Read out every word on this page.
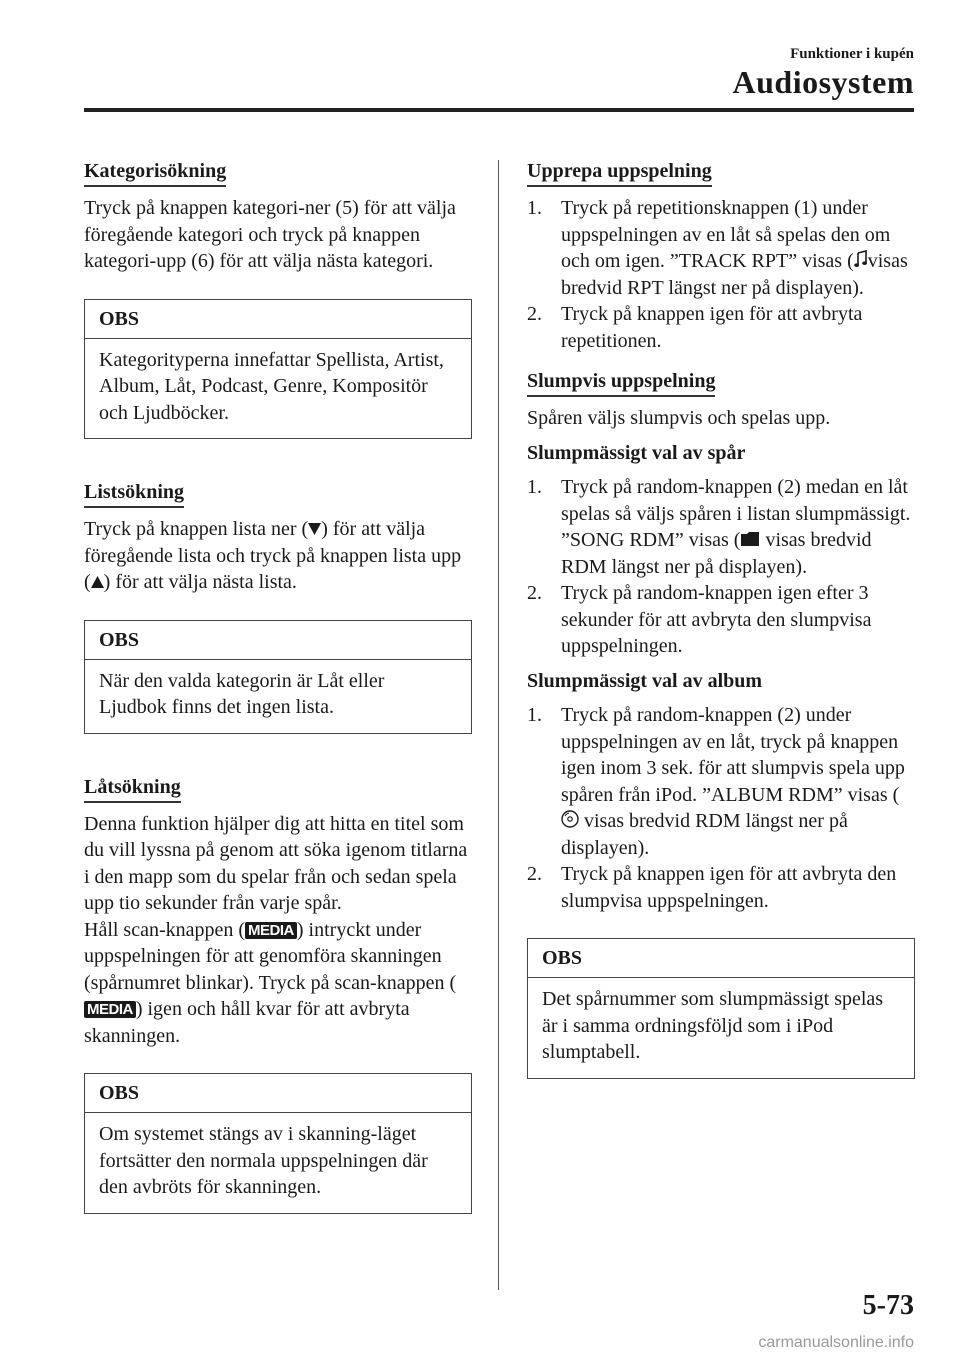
Funktioner i kupén
Audiosystem
Kategorisökning

Tryck på knappen kategori-ner (5) för att välja föregående kategori och tryck på knappen kategori-upp (6) för att välja nästa kategori.

OBS
Kategorityperna innefattar Spellista, Artist, Album, Låt, Podcast, Genre, Kompositör och Ljudböcker.
Listsökning

Tryck på knappen lista ner ( ) för att välja föregående lista och tryck på knappen lista upp ( ) för att välja nästa lista.

OBS
När den valda kategorin är Låt eller Ljudbok finns det ingen lista.
Låtsökning

Denna funktion hjälper dig att hitta en titel som du vill lyssna på genom att söka igenom titlarna i den mapp som du spelar från och sedan spela upp tio sekunder från varje spår.

Håll scan-knappen ( MEDIA ) intryckt under uppspelningen för att genomföra skanningen (spårnumret blinkar). Tryck på scan-knappen (MEDIA ) igen och håll kvar för att avbryta skanningen.
OBS
Om systemet stängs av i skanning-läget fortsätter den normala uppspelningen där den avbröts för skanningen.
Upprepa uppspelning
1. Tryck på repetitionsknappen (1) under uppspelningen av en låt så spelas den om och om igen. ”TRACK RPT” visas ( visas bredvid RPT längst ner på displayen).
2. Tryck på knappen igen för att avbryta repetitionen.
Slumpvis uppspelning

Spåren väljs slumpvis och spelas upp.

Slumpmässigt val av spår

1. Tryck på random-knappen (2) medan en låt spelas så väljs spåren i listan slumpmässigt. ”SONG RDM” visas ( visas bredvid RDM längst ner på displayen).
2. Tryck på random-knappen igen efter 3 sekunder för att avbryta den slumpvisa uppspelningen.

Slumpmässigt val av album

1. Tryck på random-knappen (2) under uppspelningen av en låt, tryck på knappen igen inom 3 sek. för att slumpvis spela upp spåren från iPod. ”ALBUM RDM” visas ( visas bredvid RDM längst ner på displayen).
2. Tryck på knappen igen för att avbryta den slumpvisa uppspelningen.
OBS
Det spårnummer som slumpmässigt spelas är i samma ordningsföljd som i iPod slumptabell.
5-73
carmanualsonline.info
